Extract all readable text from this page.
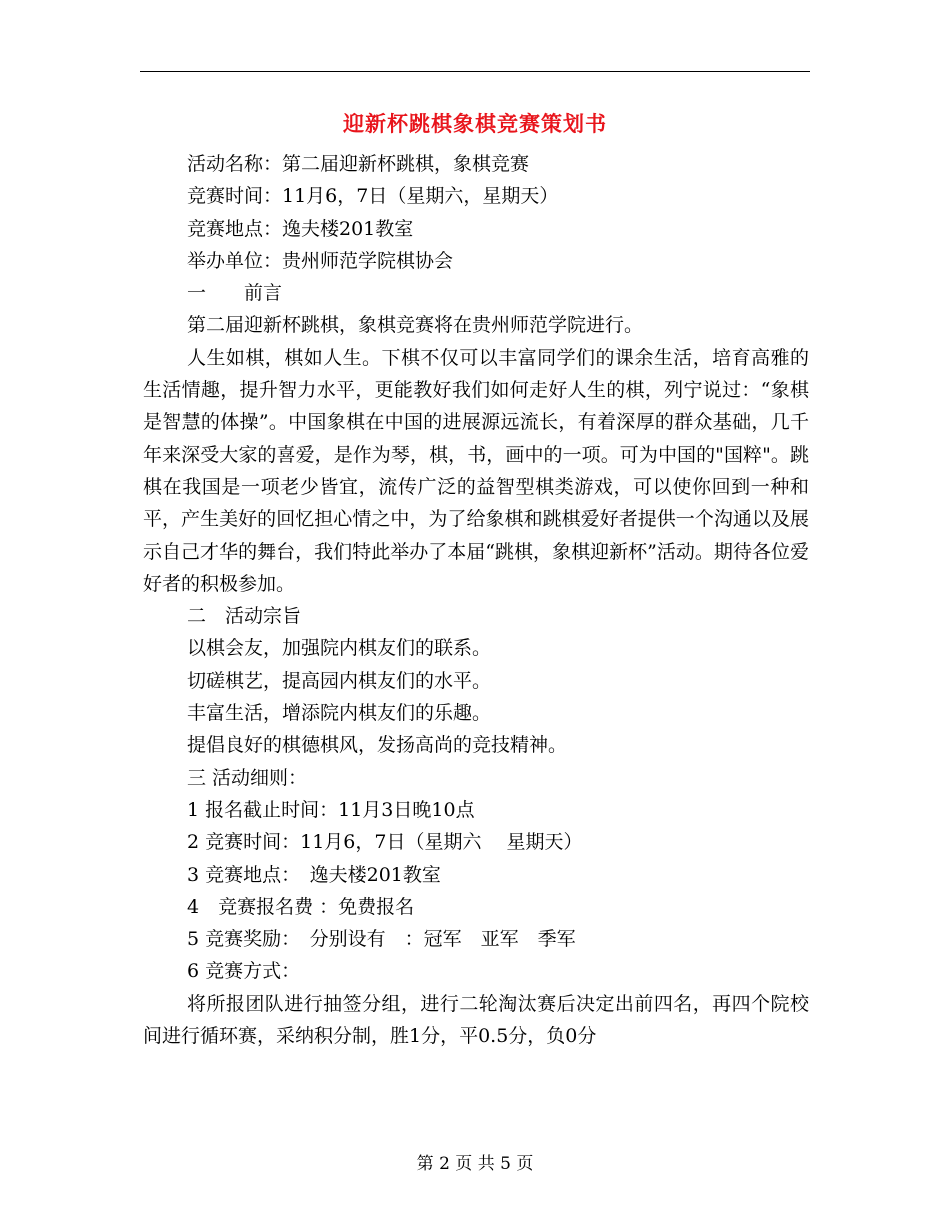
迎新杯跳棋象棋竞赛策划书

活动名称：第二届迎新杯跳棋，象棋竞赛

竞赛时间：11月6，7日（星期六，星期天）

竞赛地点：逸夫楼201教室

举办单位：贵州师范学院棋协会

一　　前言

第二届迎新杯跳棋，象棋竞赛将在贵州师范学院进行。

人生如棋，棋如人生。下棋不仅可以丰富同学们的课余生活，培育高雅的生活情趣，提升智力水平，更能教好我们如何走好人生的棋，列宁说过：“象棋是智慧的体操”。中国象棋在中国的进展源远流长，有着深厚的群众基础，几千年来深受大家的喜爱，是作为琴，棋，书，画中的一项。可为中国的"国粹"。跳棋在我国是一项老少皆宜，流传广泛的益智型棋类游戏，可以使你回到一种和平，产生美好的回忆担心情之中，为了给象棋和跳棋爱好者提供一个沟通以及展示自己才华的舞台，我们特此举办了本届“跳棋，象棋迎新杯”活动。期待各位爱好者的积极参加。

二　活动宗旨

以棋会友，加强院内棋友们的联系。

切磋棋艺，提高园内棋友们的水平。

丰富生活，增添院内棋友们的乐趣。

提倡良好的棋德棋风，发扬高尚的竞技精神。

三 活动细则：

1 报名截止时间：11月3日晚10点

2 竞赛时间：11月6，7日（星期六　 星期天）

3 竞赛地点：　逸夫楼201教室

4　竞赛报名费 ：免费报名

5 竞赛奖励：　分别设有　：冠军　亚军　季军

6 竞赛方式：

将所报团队进行抽签分组，进行二轮淘汰赛后决定出前四名，再四个院校间进行循环赛，采纳积分制，胜1分，平0.5分，负0分

第 2 页 共 5 页
